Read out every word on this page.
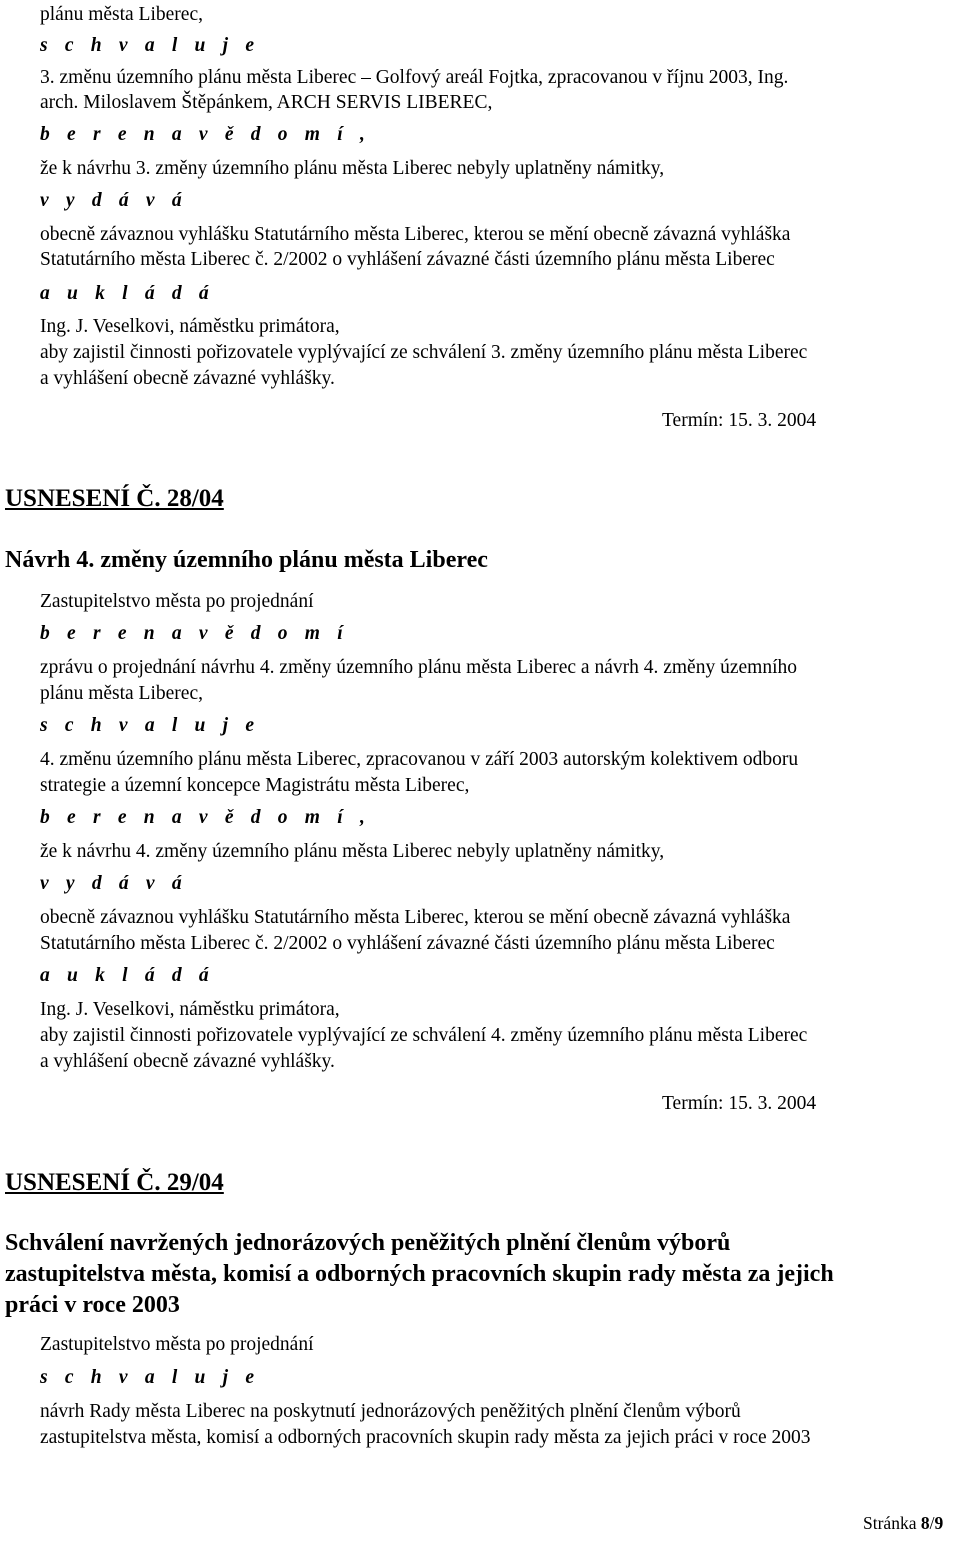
plánu města Liberec,
s c h v a l u j e
3. změnu územního plánu města Liberec – Golfový areál Fojtka, zpracovanou v říjnu 2003, Ing.
arch. Miloslavem Štěpánkem, ARCH SERVIS LIBEREC,
b e r e n a v ě d o m í ,
že k návrhu 3. změny územního plánu města Liberec nebyly uplatněny námitky,
v y d á v á
obecně závaznou vyhlášku Statutárního města Liberec, kterou se mění obecně závazná vyhláška
Statutárního města Liberec č. 2/2002 o vyhlášení závazné části územního plánu města Liberec
a u k l á d á
Ing. J. Veselkovi, náměstku primátora,
aby zajistil činnosti pořizovatele vyplývající ze schválení 3. změny územního plánu města Liberec
a vyhlášení obecně závazné vyhlášky.
Termín: 15. 3. 2004
USNESENÍ Č. 28/04
Návrh 4. změny územního plánu města Liberec
Zastupitelstvo města po projednání
b e r e n a v ě d o m í
zprávu o projednání návrhu 4. změny územního plánu města Liberec a návrh 4. změny územního
plánu města Liberec,
s c h v a l u j e
4. změnu územního plánu města Liberec, zpracovanou v září 2003 autorským kolektivem odboru
strategie a územní koncepce Magistrátu města Liberec,
b e r e n a v ě d o m í ,
že k návrhu 4. změny územního plánu města Liberec nebyly uplatněny námitky,
v y d á v á
obecně závaznou vyhlášku Statutárního města Liberec, kterou se mění obecně závazná vyhláška
Statutárního města Liberec č. 2/2002 o vyhlášení závazné části územního plánu města Liberec
a u k l á d á
Ing. J. Veselkovi, náměstku primátora,
aby zajistil činnosti pořizovatele vyplývající ze schválení 4. změny územního plánu města Liberec
a vyhlášení obecně závazné vyhlášky.
Termín: 15. 3. 2004
USNESENÍ Č. 29/04
Schválení navržených jednorázových peněžitých plnění členům výborů
zastupitelstva města, komisí a odborných pracovních skupin rady města za jejich
práci v roce 2003
Zastupitelstvo města po projednání
s c h v a l u j e
návrh Rady města Liberec na poskytnutí jednorázových peněžitých plnění členům výborů
zastupitelstva města, komisí a odborných pracovních skupin rady města za jejich práci v roce 2003
Stránka 8/9
